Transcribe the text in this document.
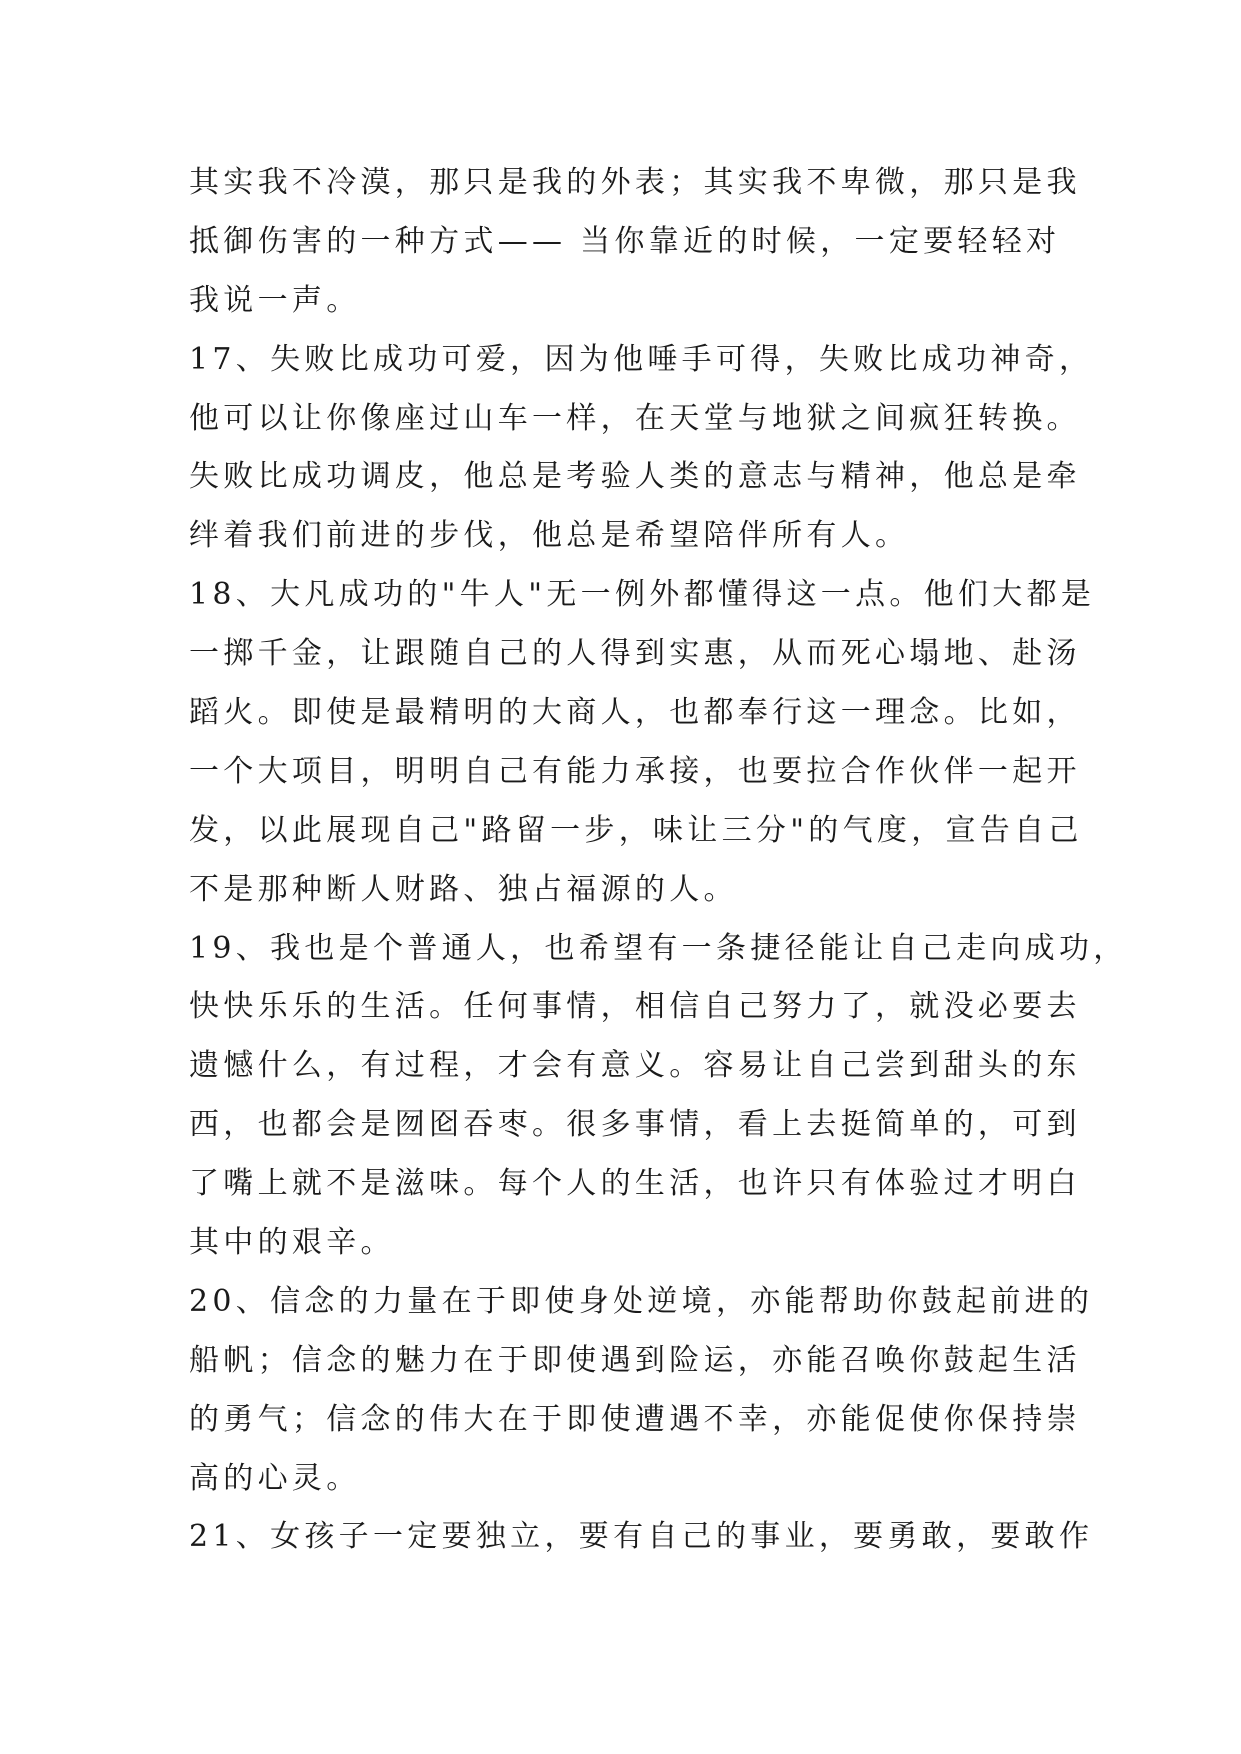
其实我不冷漠，那只是我的外表；其实我不卑微，那只是我
抵御伤害的一种方式—— 当你靠近的时候，一定要轻轻对
我说一声。
17、失败比成功可爱，因为他唾手可得，失败比成功神奇，
他可以让你像座过山车一样，在天堂与地狱之间疯狂转换。
失败比成功调皮，他总是考验人类的意志与精神，他总是牵
绊着我们前进的步伐，他总是希望陪伴所有人。
18、大凡成功的"牛人"无一例外都懂得这一点。他们大都是
一掷千金，让跟随自己的人得到实惠，从而死心塌地、赴汤
蹈火。即使是最精明的大商人，也都奉行这一理念。比如，
一个大项目，明明自己有能力承接，也要拉合作伙伴一起开
发，以此展现自己"路留一步，味让三分"的气度，宣告自己
不是那种断人财路、独占福源的人。
19、我也是个普通人，也希望有一条捷径能让自己走向成功，
快快乐乐的生活。任何事情，相信自己努力了，就没必要去
遗憾什么，有过程，才会有意义。容易让自己尝到甜头的东
西，也都会是囫囵吞枣。很多事情，看上去挺简单的，可到
了嘴上就不是滋味。每个人的生活，也许只有体验过才明白
其中的艰辛。
20、信念的力量在于即使身处逆境，亦能帮助你鼓起前进的
船帆；信念的魅力在于即使遇到险运，亦能召唤你鼓起生活
的勇气；信念的伟大在于即使遭遇不幸，亦能促使你保持崇
高的心灵。
21、女孩子一定要独立，要有自己的事业，要勇敢，要敢作
